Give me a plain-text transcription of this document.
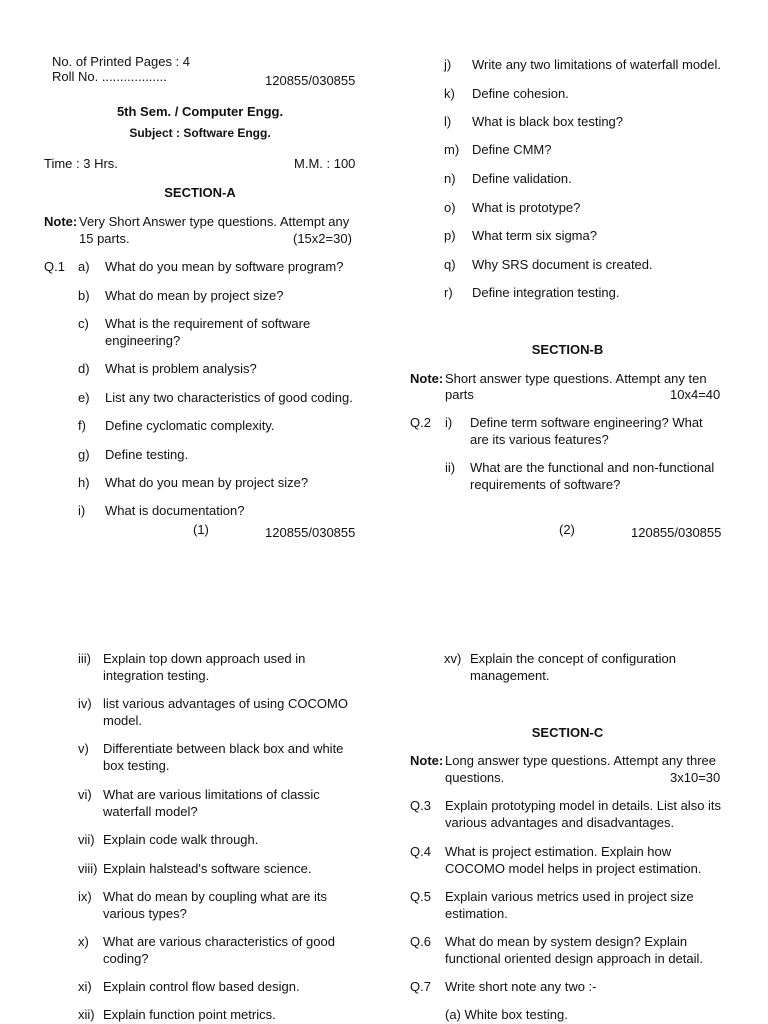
No. of Printed Pages : 4
Roll No. ..................	120855/030855
5th Sem. / Computer Engg.
Subject : Software Engg.
Time : 3 Hrs.	M.M. : 100
SECTION-A
Note: Very Short Answer type questions. Attempt any
15 parts.	(15x2=30)
Q.1 a) What do you mean by software program?
b) What do mean by project size?
c) What is the requirement of software
engineering?
d) What is problem analysis?
e) List any two characteristics of good coding.
f) Define cyclomatic complexity.
g) Define testing.
h) What do you mean by project size?
i) What is documentation?
(1)	120855/030855
j) Write any two limitations of waterfall model.
k) Define cohesion.
l) What is black box testing?
m) Define CMM?
n) Define validation.
o) What is prototype?
p) What term six sigma?
q) Why SRS document is created.
r) Define integration testing.
SECTION-B
Note: Short answer type questions. Attempt any ten
parts	10x4=40
Q.2 i) Define term software engineering? What
are its various features?
ii) What are the functional and non-functional
requirements of software?
(2)	120855/030855
iii) Explain top down approach used in
integration testing.
iv) list various advantages of using COCOMO
model.
v) Differentiate between black box and white
box testing.
vi) What are various limitations of classic
waterfall model?
vii) Explain code walk through.
viii) Explain halstead's software science.
ix) What do mean by coupling what are its
various types?
x) What are various characteristics of good
coding?
xi) Explain control flow based design.
xii) Explain function point metrics.
xv) Explain the concept of configuration
management.
SECTION-C
Note: Long answer type questions. Attempt any three
questions.	3x10=30
Q.3 Explain prototyping model in details. List also its
various advantages and disadvantages.
Q.4 What is project estimation. Explain how
COCOMO model helps in project estimation.
Q.5 Explain various metrics used in project size
estimation.
Q.6 What do mean by system design? Explain
functional oriented design approach in detail.
Q.7 Write short note any two :-
(a) White box testing.
